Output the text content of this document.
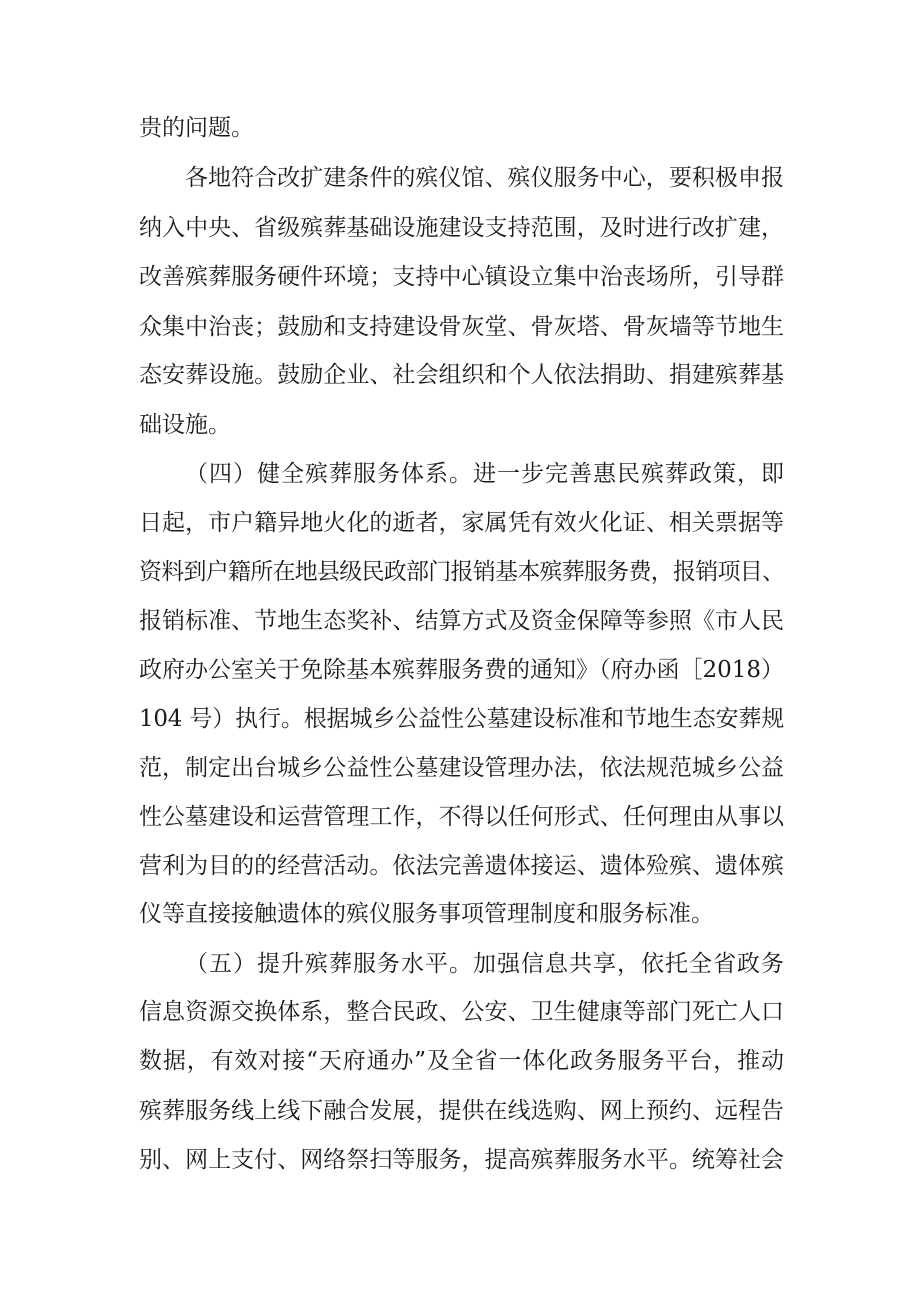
贵的问题。
各地符合改扩建条件的殡仪馆、殡仪服务中心，要积极申报
纳入中央、省级殡葬基础设施建设支持范围，及时进行改扩建，
改善殡葬服务硬件环境；支持中心镇设立集中治丧场所，引导群
众集中治丧；鼓励和支持建设骨灰堂、骨灰塔、骨灰墙等节地生
态安葬设施。鼓励企业、社会组织和个人依法捐助、捐建殡葬基
础设施。
（四）健全殡葬服务体系。进一步完善惠民殡葬政策，即
日起，市户籍异地火化的逝者，家属凭有效火化证、相关票据等
资料到户籍所在地县级民政部门报销基本殡葬服务费，报销项目、
报销标准、节地生态奖补、结算方式及资金保障等参照《市人民
政府办公室关于免除基本殡葬服务费的通知》（府办函［2018）
104 号）执行。根据城乡公益性公墓建设标准和节地生态安葬规
范，制定出台城乡公益性公墓建设管理办法，依法规范城乡公益
性公墓建设和运营管理工作，不得以任何形式、任何理由从事以
营利为目的的经营活动。依法完善遗体接运、遗体殓殡、遗体殡
仪等直接接触遗体的殡仪服务事项管理制度和服务标准。
（五）提升殡葬服务水平。加强信息共享，依托全省政务
信息资源交换体系，整合民政、公安、卫生健康等部门死亡人口
数据，有效对接“天府通办”及全省一体化政务服务平台，推动
殡葬服务线上线下融合发展，提供在线选购、网上预约、远程告
别、网上支付、网络祭扫等服务，提高殡葬服务水平。统筹社会
